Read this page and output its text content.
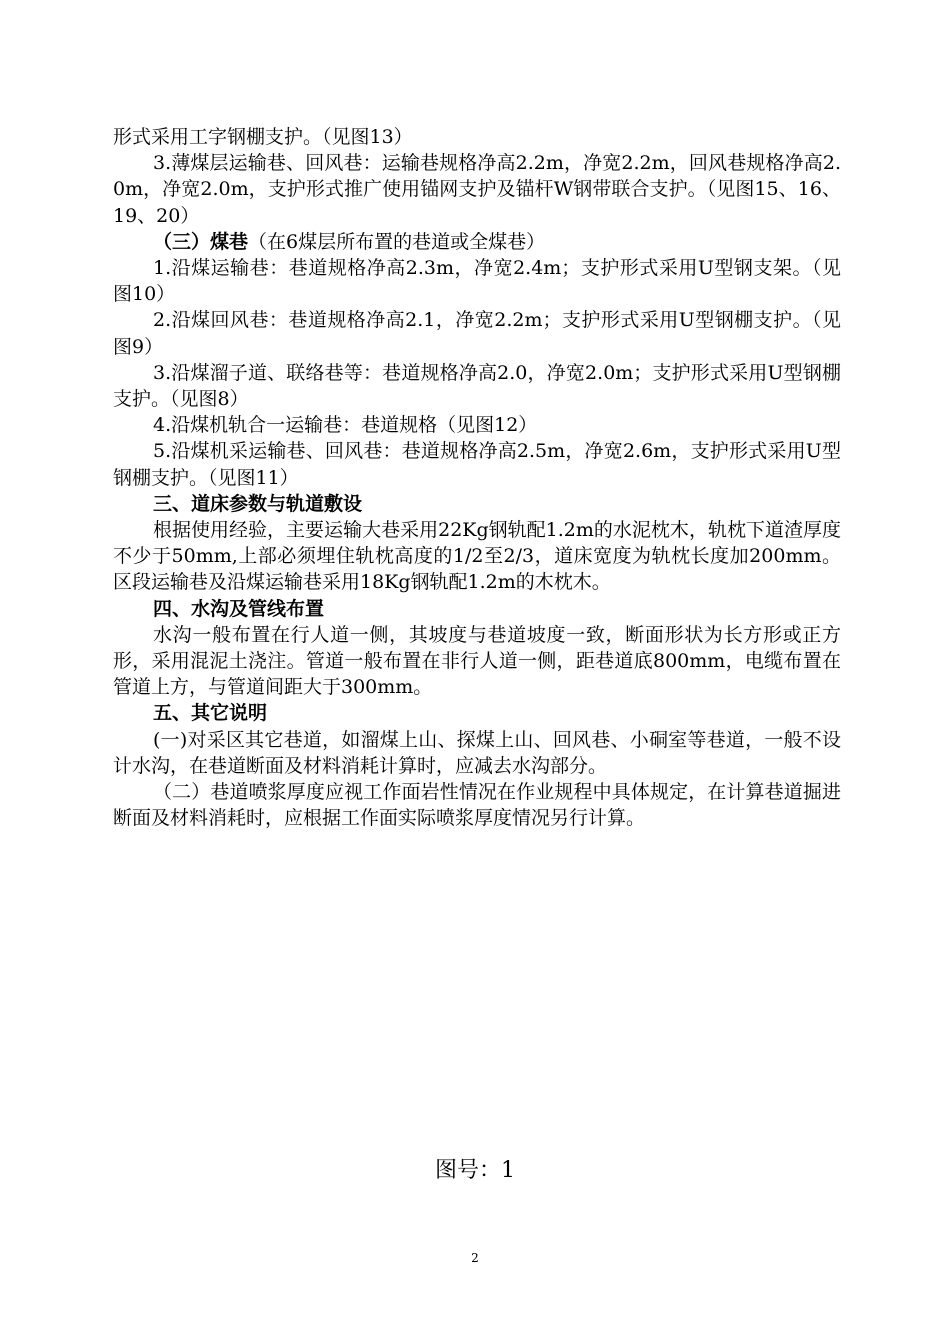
形式采用工字钢棚支护。（见图13）

3.薄煤层运输巷、回风巷：运输巷规格净高2.2m，净宽2.2m，回风巷规格净高2.0m，净宽2.0m，支护形式推广使用锚网支护及锚杆W钢带联合支护。（见图15、16、19、20）

（三）煤巷（在6煤层所布置的巷道或全煤巷）

1.沿煤运输巷：巷道规格净高2.3m，净宽2.4m；支护形式采用U型钢支架。（见图10）

2.沿煤回风巷：巷道规格净高2.1，净宽2.2m；支护形式采用U型钢棚支护。（见图9）

3.沿煤溜子道、联络巷等：巷道规格净高2.0，净宽2.0m；支护形式采用U型钢棚支护。（见图8）

4.沿煤机轨合一运输巷：巷道规格（见图12）

5.沿煤机采运输巷、回风巷：巷道规格净高2.5m，净宽2.6m，支护形式采用U型钢棚支护。（见图11）

三、道床参数与轨道敷设

根据使用经验，主要运输大巷采用22Kg钢轨配1.2m的水泥枕木，轨枕下道渣厚度不少于50mm,上部必须埋住轨枕高度的1/2至2/3，道床宽度为轨枕长度加200mm。区段运输巷及沿煤运输巷采用18Kg钢轨配1.2m的木枕木。

四、水沟及管线布置

水沟一般布置在行人道一侧，其坡度与巷道坡度一致，断面形状为长方形或正方形，采用混泥土浇注。管道一般布置在非行人道一侧，距巷道底800mm，电缆布置在管道上方，与管道间距大于300mm。

五、其它说明

(一)对采区其它巷道，如溜煤上山、探煤上山、回风巷、小硐室等巷道，一般不设计水沟，在巷道断面及材料消耗计算时，应减去水沟部分。

（二）巷道喷浆厚度应视工作面岩性情况在作业规程中具体规定，在计算巷道掘进断面及材料消耗时，应根据工作面实际喷浆厚度情况另行计算。

图号：1
2
